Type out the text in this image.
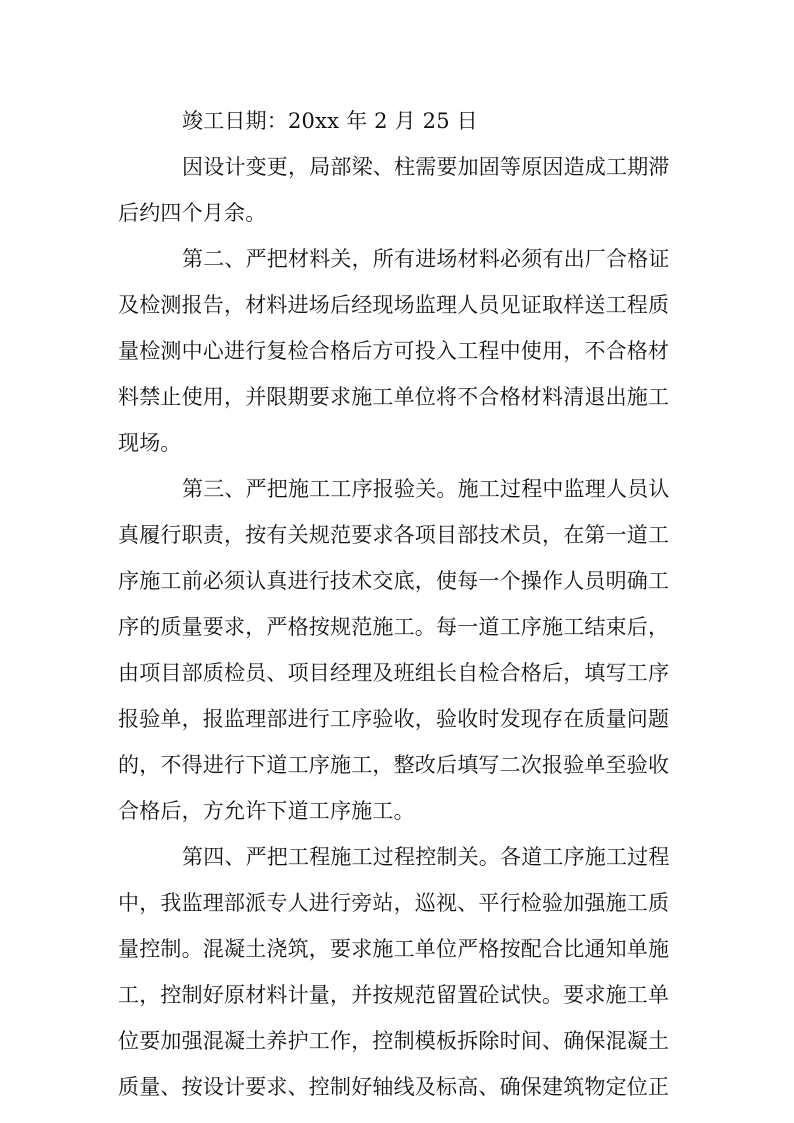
竣工日期：20xx 年 2 月 25 日
因设计变更，局部梁、柱需要加固等原因造成工期滞
后约四个月余。
第二、严把材料关，所有进场材料必须有出厂合格证
及检测报告，材料进场后经现场监理人员见证取样送工程质
量检测中心进行复检合格后方可投入工程中使用，不合格材
料禁止使用，并限期要求施工单位将不合格材料清退出施工
现场。
第三、严把施工工序报验关。施工过程中监理人员认
真履行职责，按有关规范要求各项目部技术员，在第一道工
序施工前必须认真进行技术交底，使每一个操作人员明确工
序的质量要求，严格按规范施工。每一道工序施工结束后，
由项目部质检员、项目经理及班组长自检合格后，填写工序
报验单，报监理部进行工序验收，验收时发现存在质量问题
的，不得进行下道工序施工，整改后填写二次报验单至验收
合格后，方允许下道工序施工。
第四、严把工程施工过程控制关。各道工序施工过程
中，我监理部派专人进行旁站，巡视、平行检验加强施工质
量控制。混凝土浇筑，要求施工单位严格按配合比通知单施
工，控制好原材料计量，并按规范留置砼试快。要求施工单
位要加强混凝土养护工作，控制模板拆除时间、确保混凝土
质量、按设计要求、控制好轴线及标高、确保建筑物定位正
